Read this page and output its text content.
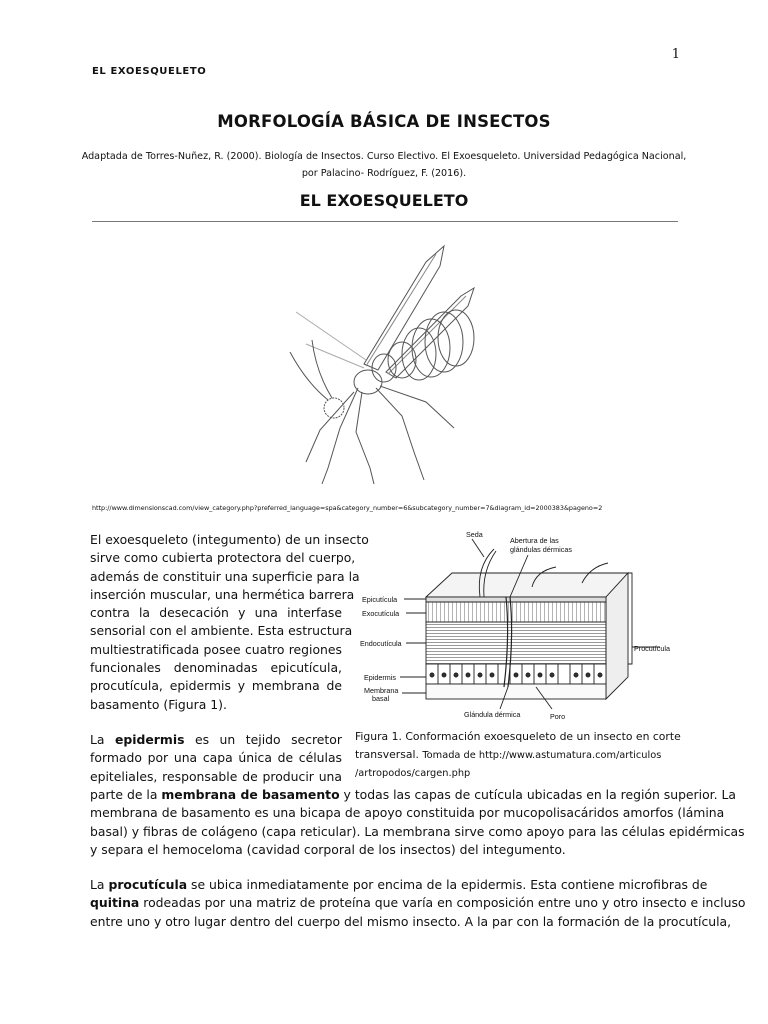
1
EL EXOESQUELETO
MORFOLOGÍA BÁSICA DE INSECTOS
Adaptada de Torres-Nuñez, R. (2000). Biología de Insectos. Curso Electivo. El Exoesqueleto. Universidad Pedagógica Nacional,
por Palacino- Rodríguez, F. (2016).
EL EXOESQUELETO
http://www.dimensionscad.com/view_category.php?preferred_language=spa&category_number=6&subcategory_number=7&diagram_id=2000383&pageno=2
El exoesqueleto (integumento) de un insecto
sirve como cubierta protectora del cuerpo,
además de constituir una superficie para la
inserción muscular, una hermética barrera
contra la desecación y una interfase
sensorial con el ambiente. Esta estructura
multiestratificada posee cuatro regiones
funcionales denominadas epicutícula,
procutícula, epidermis y membrana de
basamento (Figura 1).
Seda
Abertura de las
glándulas dérmicas
Epicutícula
Exocutícula
Endocutícula
Epidermis
Membrana
basal
Glándula dérmica	Poro
Procutícula
Figura 1. Conformación exoesqueleto de un insecto en corte
transversal. Tomada de http://www.astumatura.com/articulos
/artropodos/cargen.php
La epidermis es un tejido secretor
formado por una capa única de células
epiteliales, responsable de producir una
parte de la membrana de basamento y todas las capas de cutícula ubicadas en la región superior. La
membrana de basamento es una bicapa de apoyo constituida por mucopolisacáridos amorfos (lámina
basal) y fibras de colágeno (capa reticular). La membrana sirve como apoyo para las células epidérmicas
y separa el hemoceloma (cavidad corporal de los insectos) del integumento.
La procutícula se ubica inmediatamente por encima de la epidermis. Esta contiene microfibras de
quitina rodeadas por una matriz de proteína que varía en composición entre uno y otro insecto e incluso
entre uno y otro lugar dentro del cuerpo del mismo insecto. A la par con la formación de la procutícula,
